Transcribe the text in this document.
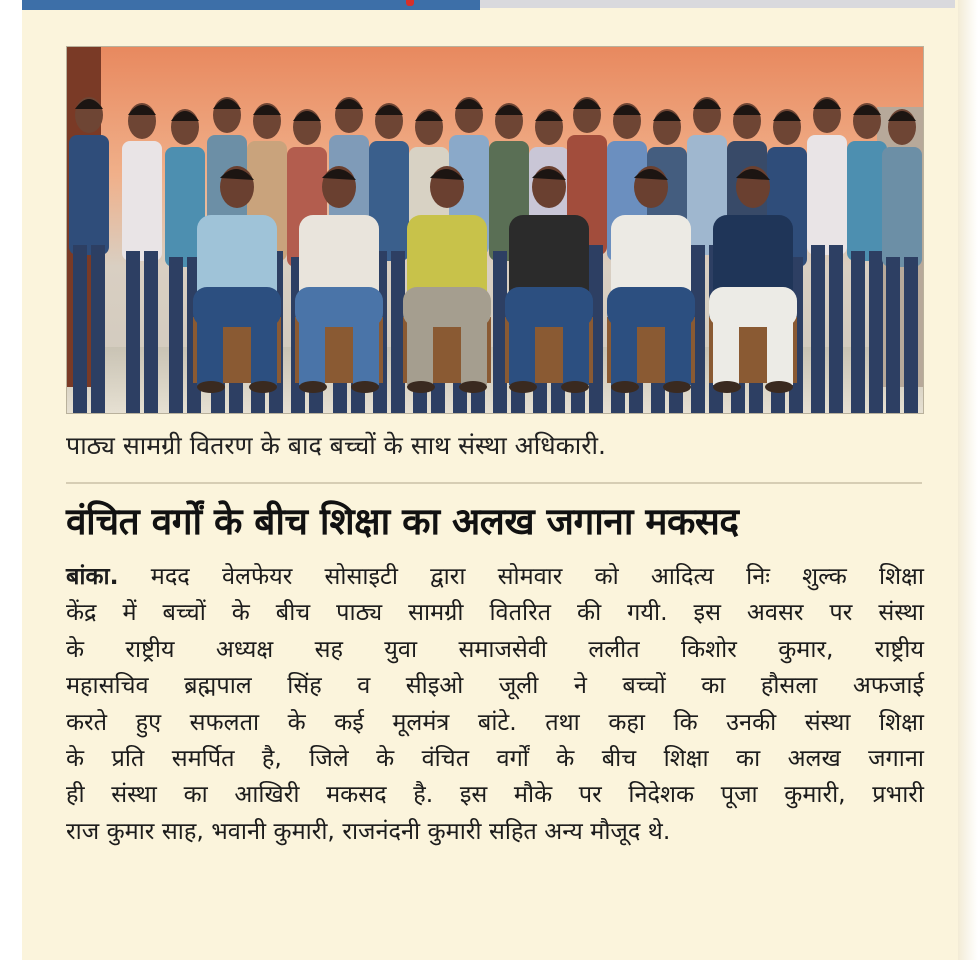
पाठ्य सामग्री वितरण के बाद बच्चों के साथ संस्था अधिकारी.
वंचित वर्गों के बीच शिक्षा का अलख जगाना मकसद
बांका. मदद वेलफेयर सोसाइटी द्वारा सोमवार को आदित्य निः शुल्क शिक्षा
केंद्र में बच्चों के बीच पाठ्य सामग्री वितरित की गयी. इस अवसर पर संस्था
के राष्ट्रीय अध्यक्ष सह युवा समाजसेवी ललीत किशोर कुमार, राष्ट्रीय
महासचिव ब्रह्मपाल सिंह व सीइओ जूली ने बच्चों का हौसला अफजाई
करते हुए सफलता के कई मूलमंत्र बांटे. तथा कहा कि उनकी संस्था शिक्षा
के प्रति समर्पित है, जिले के वंचित वर्गों के बीच शिक्षा का अलख जगाना
ही संस्था का आखिरी मकसद है. इस मौके पर निदेशक पूजा कुमारी, प्रभारी
राज कुमार साह, भवानी कुमारी, राजनंदनी कुमारी सहित अन्य मौजूद थे.
